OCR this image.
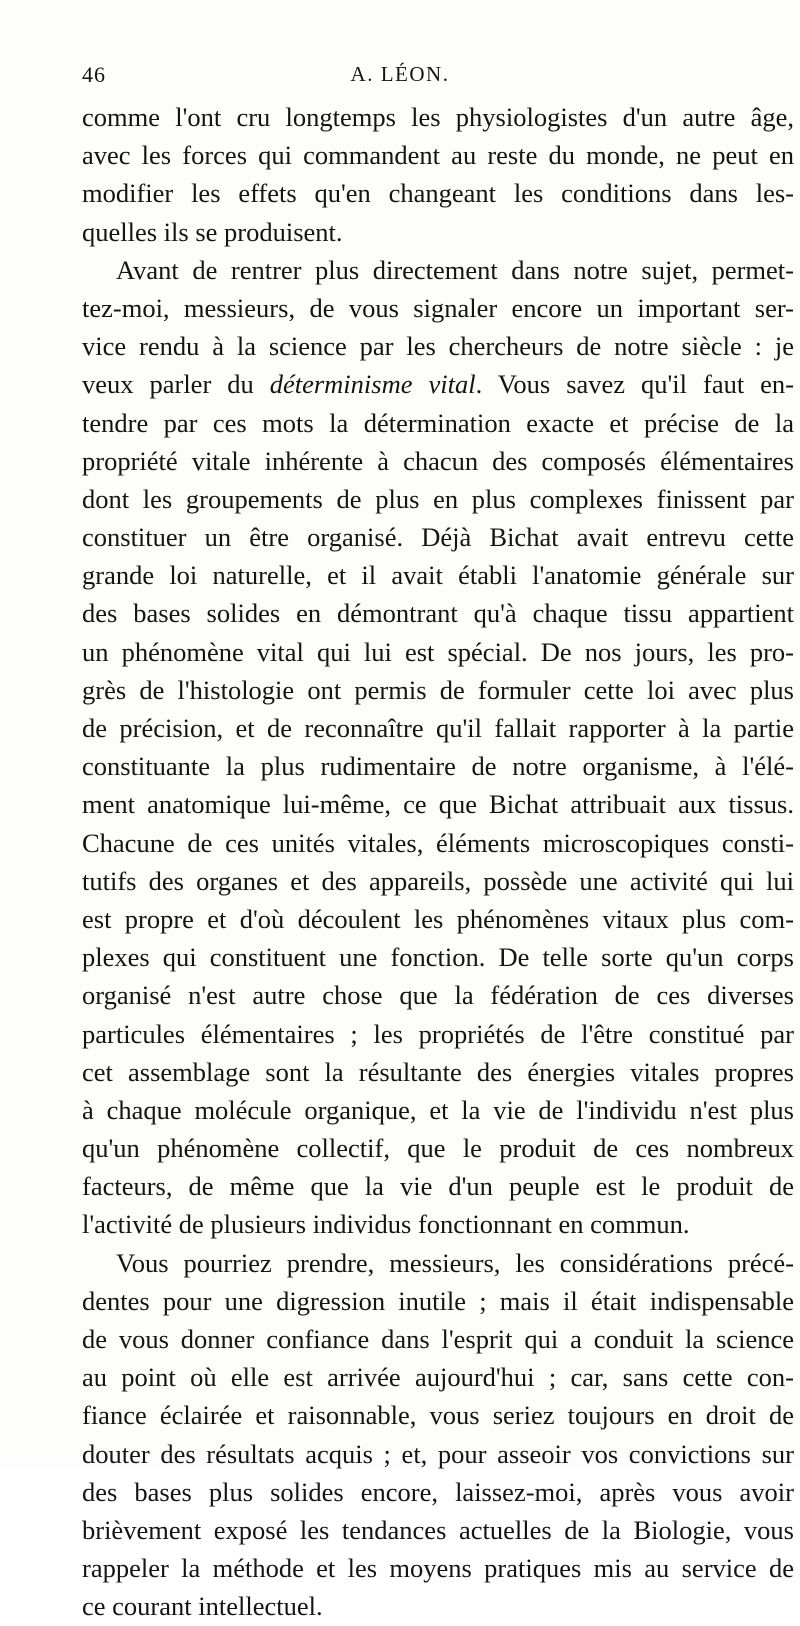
46	A. LÉON.
comme l'ont cru longtemps les physiologistes d'un autre âge,
avec les forces qui commandent au reste du monde, ne peut en
modifier les effets qu'en changeant les conditions dans les-
quelles ils se produisent.
Avant de rentrer plus directement dans notre sujet, permet-
tez-moi, messieurs, de vous signaler encore un important ser-
vice rendu à la science par les chercheurs de notre siècle : je
veux parler du déterminisme vital. Vous savez qu'il faut en-
tendre par ces mots la détermination exacte et précise de la
propriété vitale inhérente à chacun des composés élémentaires
dont les groupements de plus en plus complexes finissent par
constituer un être organisé. Déjà Bichat avait entrevu cette
grande loi naturelle, et il avait établi l'anatomie générale sur
des bases solides en démontrant qu'à chaque tissu appartient
un phénomène vital qui lui est spécial. De nos jours, les pro-
grès de l'histologie ont permis de formuler cette loi avec plus
de précision, et de reconnaître qu'il fallait rapporter à la partie
constituante la plus rudimentaire de notre organisme, à l'élé-
ment anatomique lui-même, ce que Bichat attribuait aux tissus.
Chacune de ces unités vitales, éléments microscopiques consti-
tutifs des organes et des appareils, possède une activité qui lui
est propre et d'où découlent les phénomènes vitaux plus com-
plexes qui constituent une fonction. De telle sorte qu'un corps
organisé n'est autre chose que la fédération de ces diverses
particules élémentaires ; les propriétés de l'être constitué par
cet assemblage sont la résultante des énergies vitales propres
à chaque molécule organique, et la vie de l'individu n'est plus
qu'un phénomène collectif, que le produit de ces nombreux
facteurs, de même que la vie d'un peuple est le produit de
l'activité de plusieurs individus fonctionnant en commun.
Vous pourriez prendre, messieurs, les considérations précé-
dentes pour une digression inutile ; mais il était indispensable
de vous donner confiance dans l'esprit qui a conduit la science
au point où elle est arrivée aujourd'hui ; car, sans cette con-
fiance éclairée et raisonnable, vous seriez toujours en droit de
douter des résultats acquis ; et, pour asseoir vos convictions sur
des bases plus solides encore, laissez-moi, après vous avoir
brièvement exposé les tendances actuelles de la Biologie, vous
rappeler la méthode et les moyens pratiques mis au service de
ce courant intellectuel.
